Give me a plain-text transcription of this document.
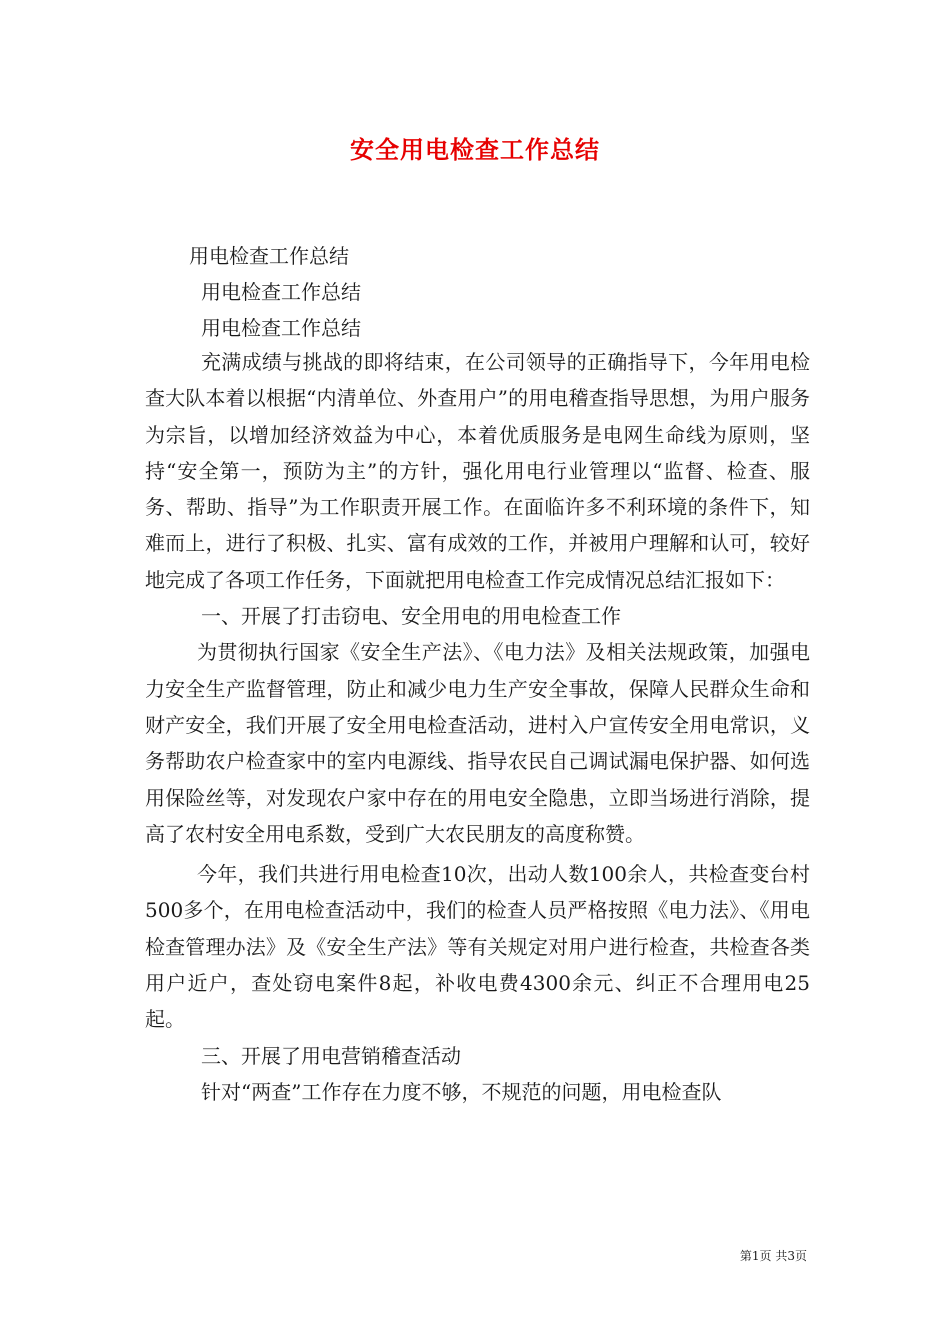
安全用电检查工作总结
用电检查工作总结
用电检查工作总结
用电检查工作总结

充满成绩与挑战的即将结束，在公司领导的正确指导下，今年用电检查大队本着以根据“内清单位、外查用户”的用电稽查指导思想，为用户服务为宗旨，以增加经济效益为中心，本着优质服务是电网生命线为原则，坚持“安全第一，预防为主”的方针，强化用电行业管理以“监督、检查、服务、帮助、指导”为工作职责开展工作。在面临许多不利环境的条件下，知难而上，进行了积极、扎实、富有成效的工作，并被用户理解和认可，较好地完成了各项工作任务，下面就把用电检查工作完成情况总结汇报如下：

一、开展了打击窃电、安全用电的用电检查工作

为贯彻执行国家《安全生产法》、《电力法》及相关法规政策，加强电力安全生产监督管理，防止和减少电力生产安全事故，保障人民群众生命和财产安全，我们开展了安全用电检查活动，进村入户宣传安全用电常识，义务帮助农户检查家中的室内电源线、指导农民自己调试漏电保护器、如何选用保险丝等，对发现农户家中存在的用电安全隐患，立即当场进行消除，提高了农村安全用电系数，受到广大农民朋友的高度称赞。

今年，我们共进行用电检查10次，出动人数100余人，共检查变台村500多个，在用电检查活动中，我们的检查人员严格按照《电力法》、《用电检查管理办法》及《安全生产法》等有关规定对用户进行检查，共检查各类用户近户，查处窃电案件8起，补收电费4300余元、纠正不合理用电25起。

三、开展了用电营销稽查活动

针对“两查”工作存在力度不够，不规范的问题，用电检查队

第1页 共3页
